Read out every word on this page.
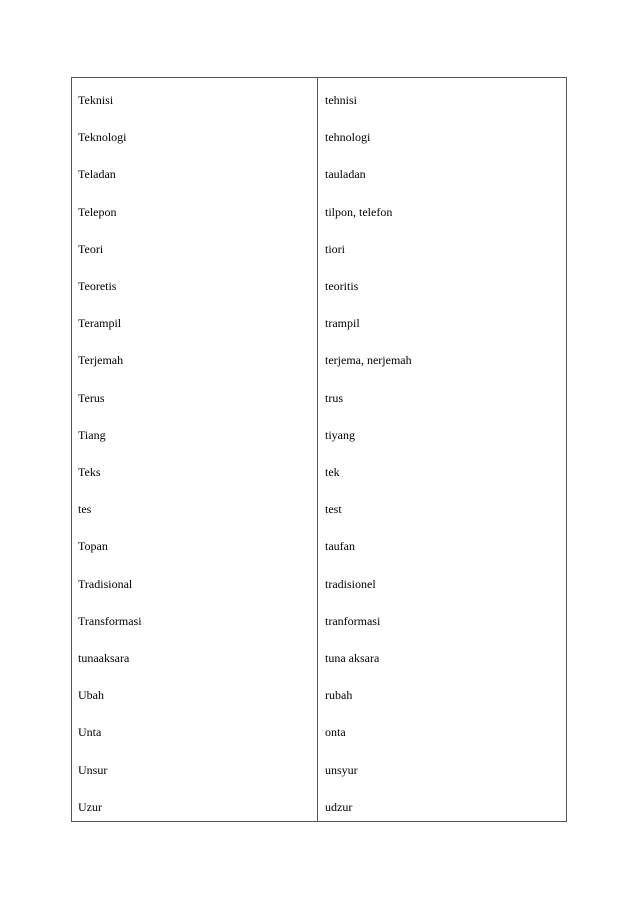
Teknisi
Teknologi
Teladan
Telepon
Teori
Teoretis
Terampil
Terjemah
Terus
Tiang
Teks
tes
Topan
Tradisional
Transformasi
tunaaksara
Ubah
Unta
Unsur
Uzur
tehnisi
tehnologi
tauladan
tilpon, telefon
tiori
teoritis
trampil
terjema, nerjemah
trus
tiyang
tek
test
taufan
tradisionel
tranformasi
tuna aksara
rubah
onta
unsyur
udzur
